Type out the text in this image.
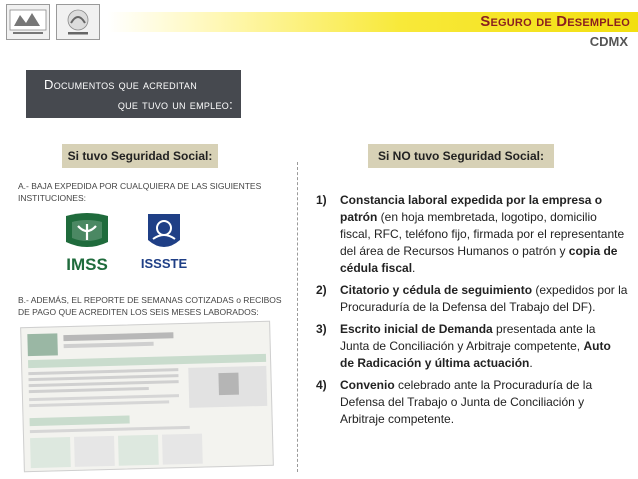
Seguro de Desempleo
CDMX
Documentos que acreditan
que tuvo un empleo:
Si tuvo Seguridad Social:	Si NO tuvo Seguridad Social:
A.- BAJA EXPEDIDA POR CUALQUIERA DE LAS SIGUIENTES INSTITUCIONES:
IMSS	ISSSTE
B.- ADEMÁS, EL REPORTE DE SEMANAS COTIZADAS o RECIBOS DE PAGO QUE ACREDITEN LOS SEIS MESES LABORADOS:
1) Constancia laboral expedida por la empresa o patrón (en hoja membretada, logotipo, domicilio fiscal, RFC, teléfono fijo, firmada por el representante del área de Recursos Humanos o patrón y copia de cédula fiscal.
2) Citatorio y cédula de seguimiento (expedidos por la Procuraduría de la Defensa del Trabajo del DF).
3) Escrito inicial de Demanda presentada ante la Junta de Conciliación y Arbitraje competente, Auto de Radicación y última actuación.
4) Convenio celebrado ante la Procuraduría de la Defensa del Trabajo o Junta de Conciliación y Arbitraje competente.
